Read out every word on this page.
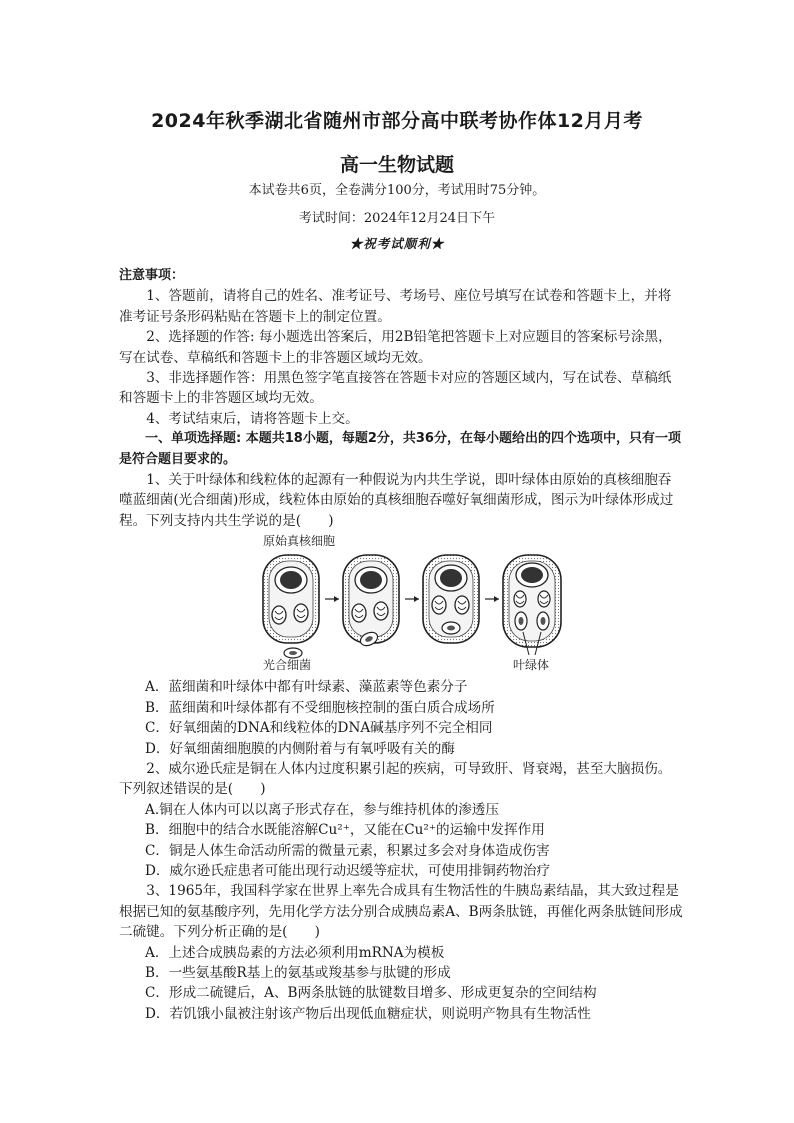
2024年秋季湖北省随州市部分高中联考协作体12月月考
高一生物试题
本试卷共6页，全卷满分100分，考试用时75分钟。
考试时间：2024年12月24日下午
★祝考试顺利★

注意事项：

1、答题前，请将自己的姓名、准考证号、考场号、座位号填写在试卷和答题卡上，并将准考证号条形码粘贴在答题卡上的制定位置。

2、选择题的作答: 每小题选出答案后，用2B铅笔把答题卡上对应题目的答案标号涂黑，写在试卷、草稿纸和答题卡上的非答题区域均无效。

3、非选择题作答：用黑色签字笔直接答在答题卡对应的答题区域内，写在试卷、草稿纸和答题卡上的非答题区域均无效。

4、考试结束后，请将答题卡上交。

一、单项选择题: 本题共18小题，每题2分，共36分，在每小题给出的四个选项中，只有一项是符合题目要求的。

1、关于叶绿体和线粒体的起源有一种假说为内共生学说，即叶绿体由原始的真核细胞吞噬蓝细菌(光合细菌)形成，线粒体由原始的真核细胞吞噬好氧细菌形成，图示为叶绿体形成过程。下列支持内共生学说的是(　　)

原始真核细胞
光合细菌	叶绿体

A．蓝细菌和叶绿体中都有叶绿素、藻蓝素等色素分子

B．蓝细菌和叶绿体都有不受细胞核控制的蛋白质合成场所

C．好氧细菌的DNA和线粒体的DNA碱基序列不完全相同

D．好氧细菌细胞膜的内侧附着与有氧呼吸有关的酶

2、威尔逊氏症是铜在人体内过度积累引起的疾病，可导致肝、肾衰竭，甚至大脑损伤。下列叙述错误的是(　　)

A.铜在人体内可以以离子形式存在，参与维持机体的渗透压

B．细胞中的结合水既能溶解Cu²⁺，又能在Cu²⁺的运输中发挥作用

C．铜是人体生命活动所需的微量元素，积累过多会对身体造成伤害

D．威尔逊氏症患者可能出现行动迟缓等症状，可使用排铜药物治疗

3、1965年，我国科学家在世界上率先合成具有生物活性的牛胰岛素结晶，其大致过程是根据已知的氨基酸序列，先用化学方法分别合成胰岛素A、B两条肽链，再催化两条肽链间形成二硫键。下列分析正确的是(　　)

A．上述合成胰岛素的方法必须利用mRNA为模板

B．一些氨基酸R基上的氨基或羧基参与肽键的形成

C．形成二硫键后，A、B两条肽链的肽键数目增多、形成更复杂的空间结构

D．若饥饿小鼠被注射该产物后出现低血糖症状，则说明产物具有生物活性
